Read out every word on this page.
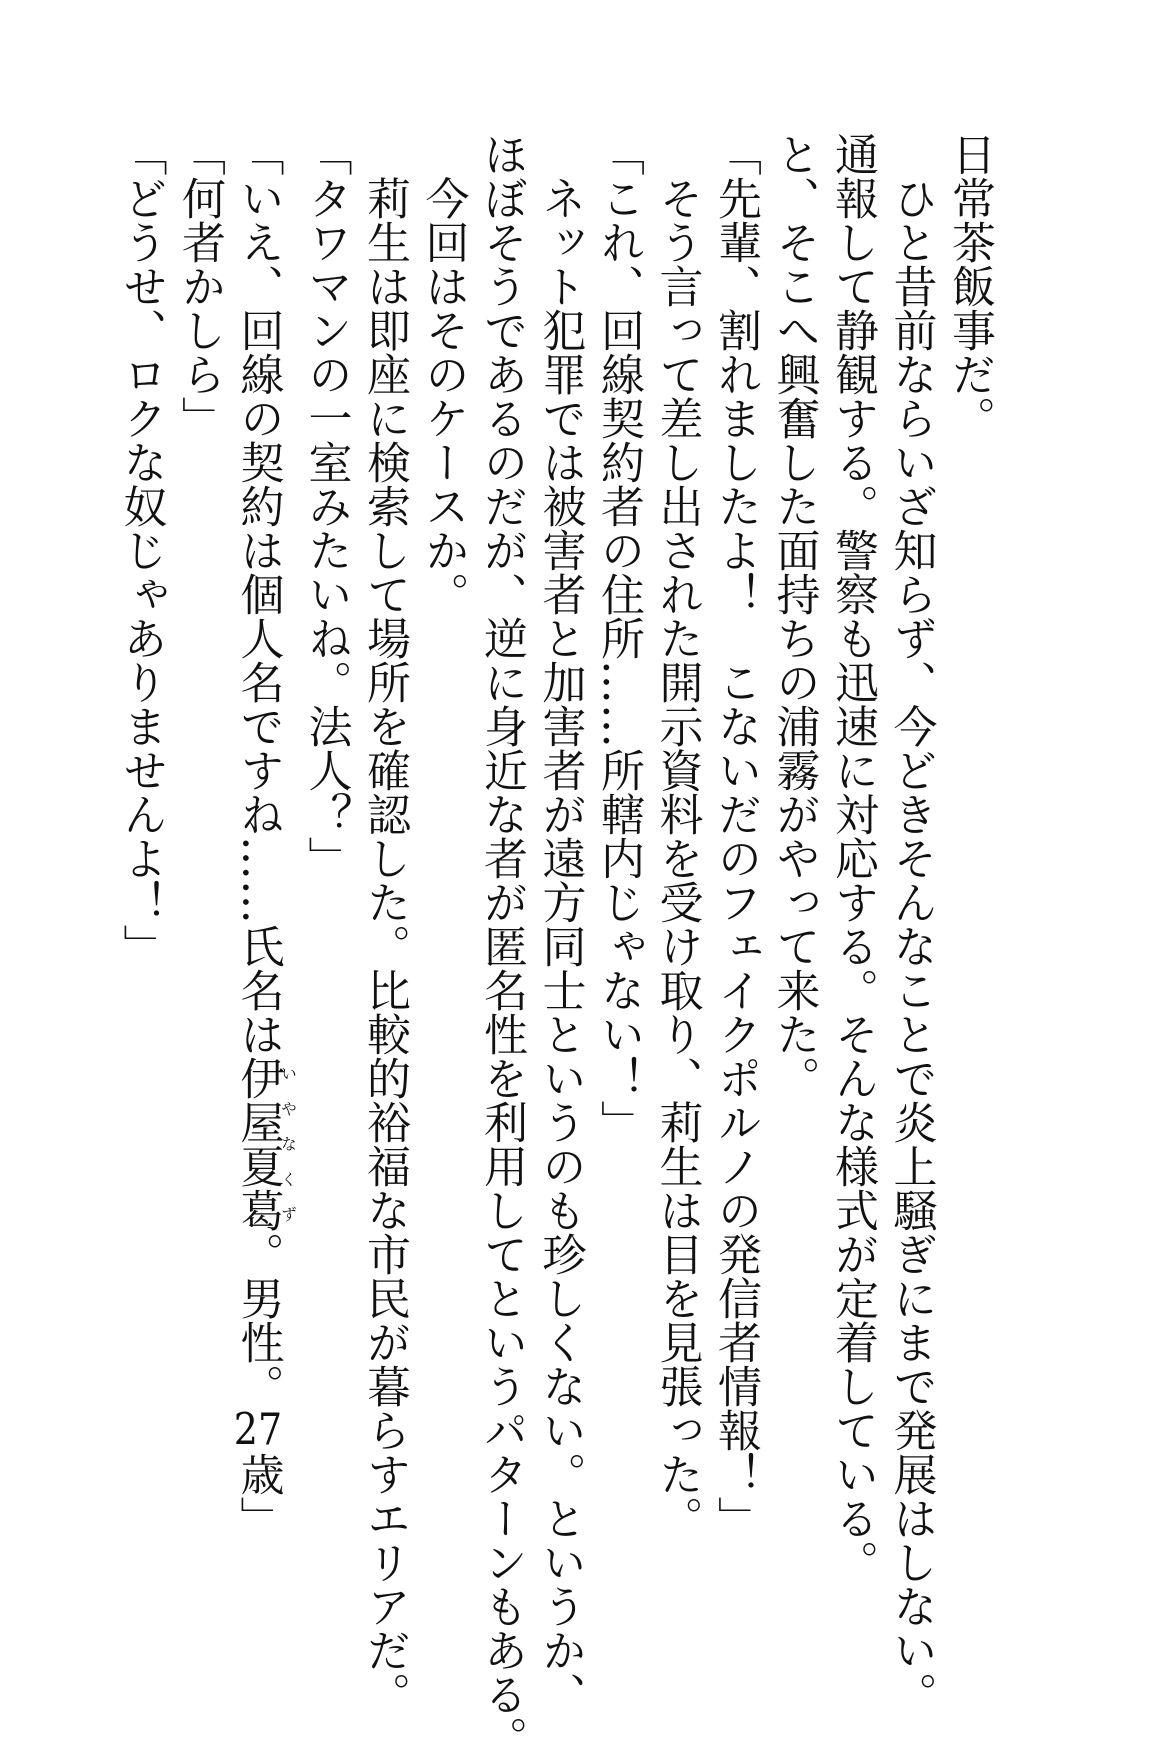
日常茶飯事だ。
ひと昔前ならいざ知らず、今どきそんなことで炎上騒ぎにまで発展はしない。
通報して静観する。警察も迅速に対応する。そんな様式が定着している。
と、そこへ興奮した面持ちの浦霧がやって来た。
「先輩、割れましたよ！　こないだのフェイクポルノの発信者情報！」
そう言って差し出された開示資料を受け取り、莉生は目を見張った。
「これ、回線契約者の住所……所轄内じゃない！」
ネット犯罪では被害者と加害者が遠方同士というのも珍しくない。というか、
ほぼそうであるのだが、逆に身近な者が匿名性を利用してというパターンもある。
今回はそのケースか。
莉生は即座に検索して場所を確認した。比較的裕福な市民が暮らすエリアだ。
「タワマンの一室みたいね。法人？」
「いえ、回線の契約は個人名ですね……氏名は伊屋夏葛いやなくず。男性。27歳」
「何者かしら」
「どうせ、ロクな奴じゃありませんよ！」
